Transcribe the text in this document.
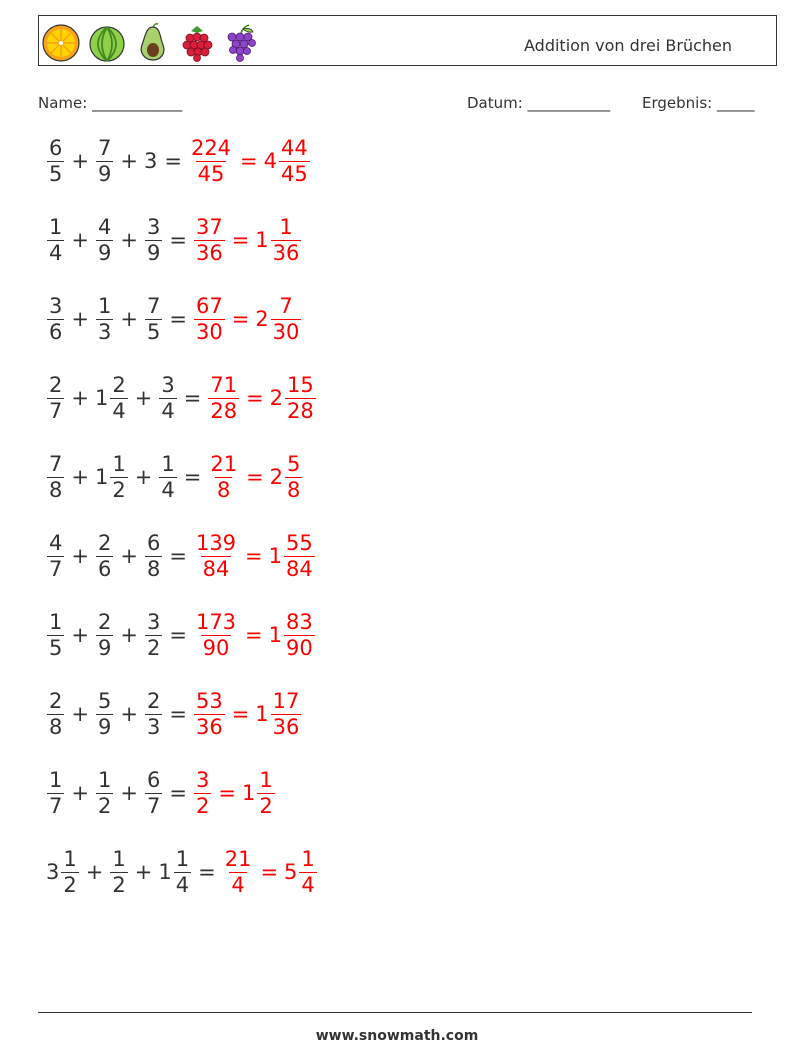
Addition von drei Brüchen
Name: ____________	Datum: ___________ Ergebnis: _____
$\frac{6}{5} + \frac{7}{9} + 3 = \frac{224}{45} = 4 \frac{44}{45}$
$\frac{1}{4} + \frac{4}{9} + \frac{3}{9} = \frac{37}{36} = 1 \frac{1}{36}$
$\frac{3}{6} + \frac{1}{3} + \frac{7}{5} = \frac{67}{30} = 2 \frac{7}{30}$
$\frac{2}{7} + 1 \frac{2}{4} + \frac{3}{4} = \frac{71}{28} = 2 \frac{15}{28}$
$\frac{7}{8} + 1 \frac{1}{2} + \frac{1}{4} = \frac{21}{8} = 2 \frac{5}{8}$
$\frac{4}{7} + \frac{2}{6} + \frac{6}{8} = \frac{139}{84} = 1 \frac{55}{84}$
$\frac{1}{5} + \frac{2}{9} + \frac{3}{2} = \frac{173}{90} = 1 \frac{83}{90}$
$\frac{2}{8} + \frac{5}{9} + \frac{2}{3} = \frac{53}{36} = 1 \frac{17}{36}$
$\frac{1}{7} + \frac{1}{2} + \frac{6}{7} = \frac{3}{2} = 1 \frac{1}{2}$
$3 \frac{1}{2} + \frac{1}{2} + 1 \frac{1}{4} = \frac{21}{4} = 5 \frac{1}{4}$
www.snowmath.com
